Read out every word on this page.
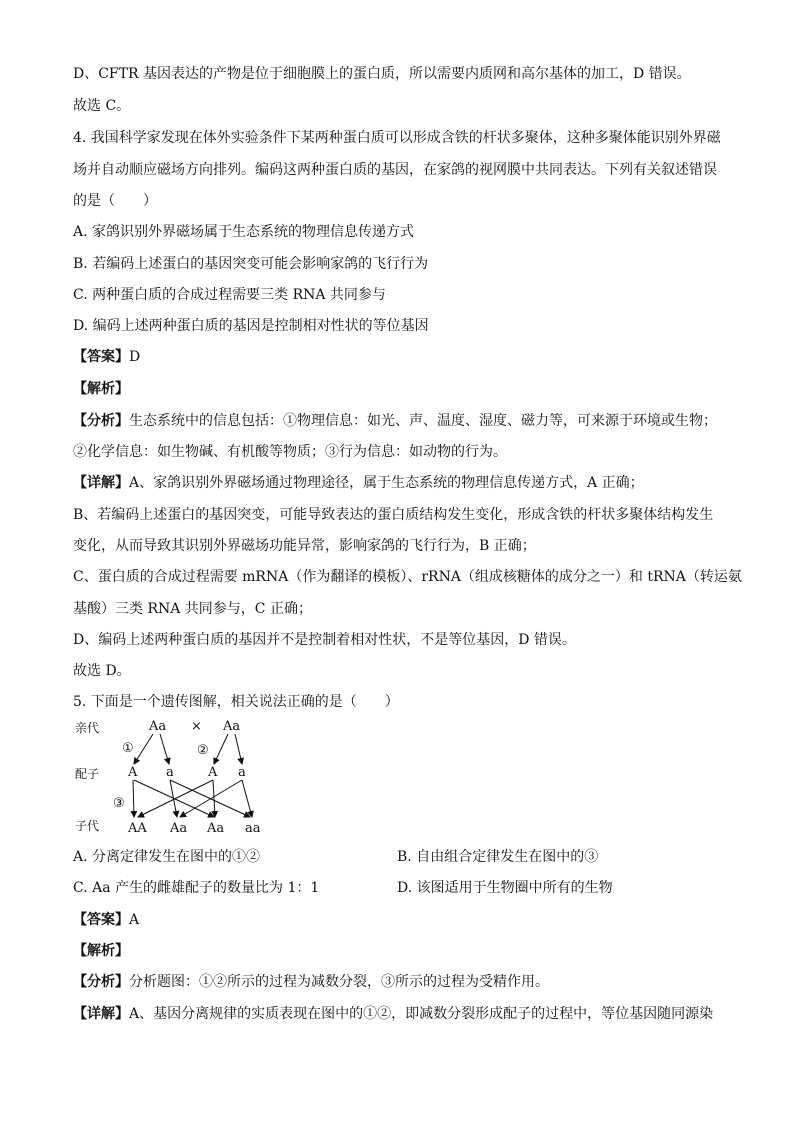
D、CFTR 基因表达的产物是位于细胞膜上的蛋白质，所以需要内质网和高尔基体的加工，D 错误。
故选 C。
4. 我国科学家发现在体外实验条件下某两种蛋白质可以形成含铁的杆状多聚体，这种多聚体能识别外界磁
场并自动顺应磁场方向排列。编码这两种蛋白质的基因，在家鸽的视网膜中共同表达。下列有关叙述错误
的是（　　）
A. 家鸽识别外界磁场属于生态系统的物理信息传递方式
B. 若编码上述蛋白的基因突变可能会影响家鸽的飞行行为
C. 两种蛋白质的合成过程需要三类 RNA 共同参与
D. 编码上述两种蛋白质的基因是控制相对性状的等位基因
【答案】D
【解析】
【分析】生态系统中的信息包括：①物理信息：如光、声、温度、湿度、磁力等，可来源于环境或生物；
②化学信息：如生物碱、有机酸等物质；③行为信息：如动物的行为。
【详解】A、家鸽识别外界磁场通过物理途径，属于生态系统的物理信息传递方式，A 正确；
B、若编码上述蛋白的基因突变，可能导致表达的蛋白质结构发生变化，形成含铁的杆状多聚体结构发生
变化，从而导致其识别外界磁场功能异常，影响家鸽的飞行行为，B 正确；
C、蛋白质的合成过程需要 mRNA（作为翻译的模板）、rRNA（组成核糖体的成分之一）和 tRNA（转运氨
基酸）三类 RNA 共同参与，C 正确；
D、编码上述两种蛋白质的基因并不是控制着相对性状，不是等位基因，D 错误。
故选 D。
5. 下面是一个遗传图解，相关说法正确的是（　　）
亲代
配子
子代
Aa × Aa
①	②
③
A a	A a
AA Aa Aa aa
A. 分离定律发生在图中的①②	B. 自由组合定律发生在图中的③
C. Aa 产生的雌雄配子的数量比为 1：1	D. 该图适用于生物圈中所有的生物
【答案】A
【解析】
【分析】分析题图：①②所示的过程为减数分裂，③所示的过程为受精作用。
【详解】A、基因分离规律的实质表现在图中的①②，即减数分裂形成配子的过程中，等位基因随同源染
